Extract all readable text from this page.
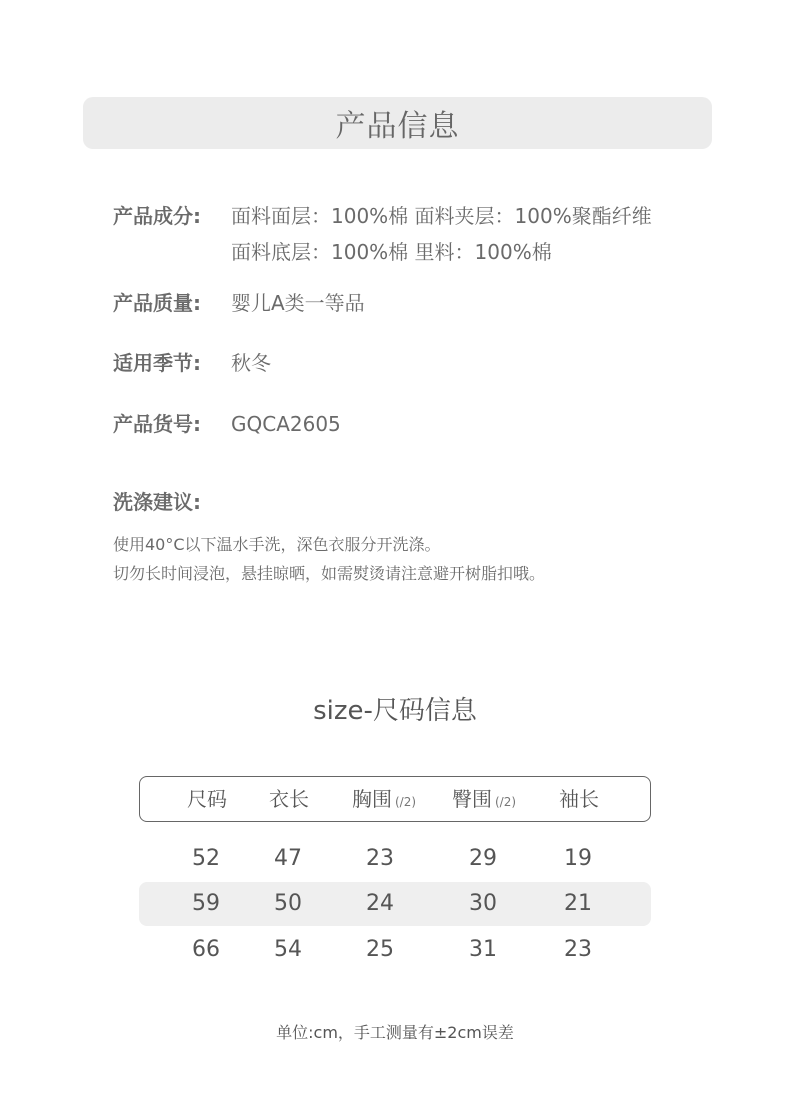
产品信息
产品成分:	面料面层：100%棉 面料夹层：100%聚酯纤维
面料底层：100%棉 里料：100%棉
产品质量:	婴儿A类一等品
适用季节:	秋冬
产品货号:	GQCA2605
洗涤建议:
使用40°C以下温水手洗，深色衣服分开洗涤。
切勿长时间浸泡，悬挂晾晒，如需熨烫请注意避开树脂扣哦。
size-尺码信息
尺码	衣长	胸围 (/2)	臀围 (/2)	袖长
52	47	23	29	19
59	50	24	30	21
66	54	25	31	23
单位:cm，手工测量有±2cm误差
